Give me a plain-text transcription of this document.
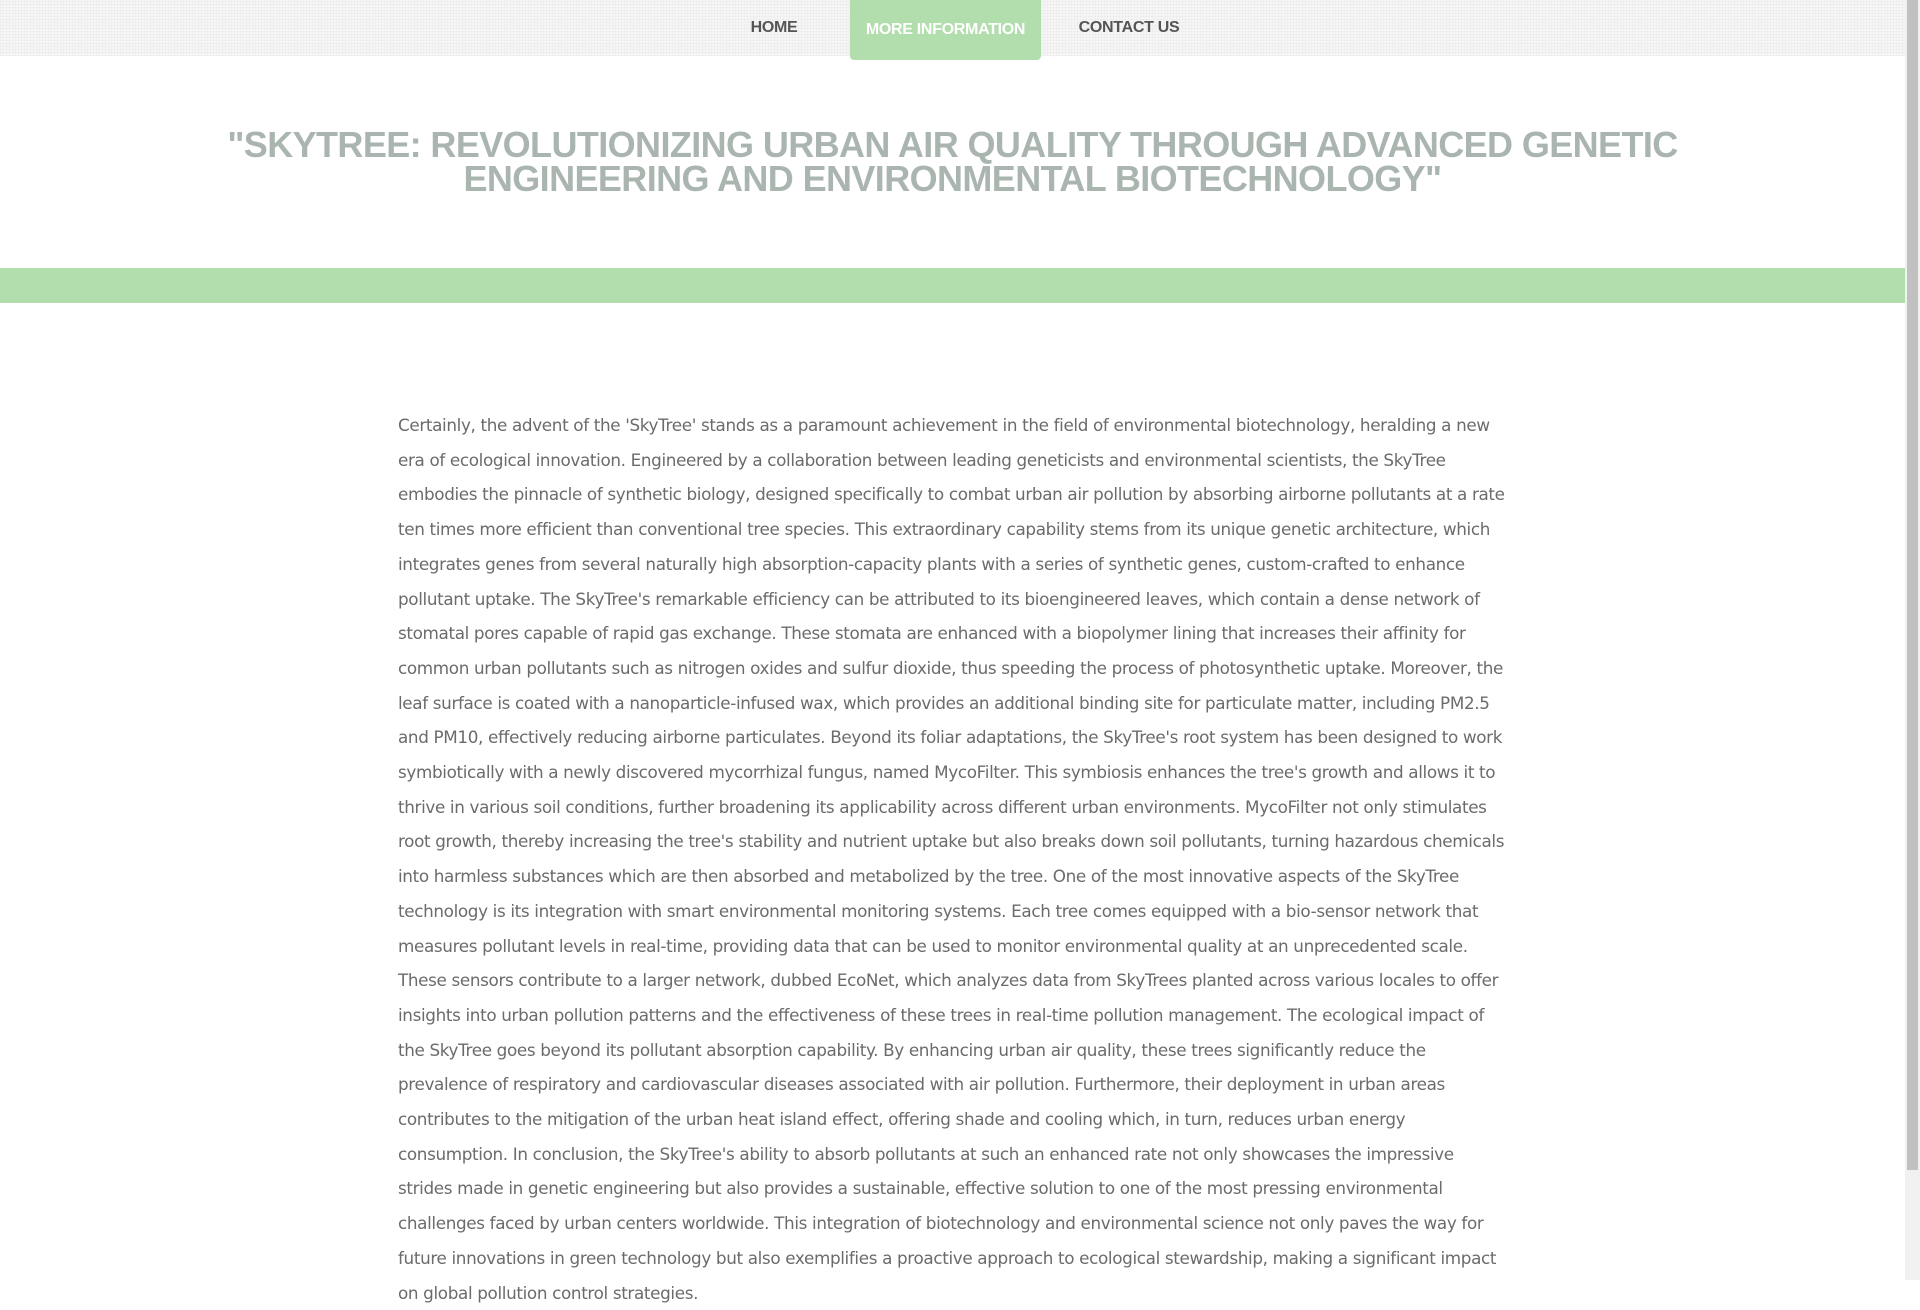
HOME	MORE INFORMATION	CONTACT US
"SKYTREE: REVOLUTIONIZING URBAN AIR QUALITY THROUGH ADVANCED GENETIC ENGINEERING AND ENVIRONMENTAL BIOTECHNOLOGY"

Certainly, the advent of the 'SkyTree' stands as a paramount achievement in the field of environmental biotechnology, heralding a new era of ecological innovation. Engineered by a collaboration between leading geneticists and environmental scientists, the SkyTree embodies the pinnacle of synthetic biology, designed specifically to combat urban air pollution by absorbing airborne pollutants at a rate ten times more efficient than conventional tree species. This extraordinary capability stems from its unique genetic architecture, which integrates genes from several naturally high absorption-capacity plants with a series of synthetic genes, custom-crafted to enhance pollutant uptake. The SkyTree's remarkable efficiency can be attributed to its bioengineered leaves, which contain a dense network of stomatal pores capable of rapid gas exchange. These stomata are enhanced with a biopolymer lining that increases their affinity for common urban pollutants such as nitrogen oxides and sulfur dioxide, thus speeding the process of photosynthetic uptake. Moreover, the leaf surface is coated with a nanoparticle-infused wax, which provides an additional binding site for particulate matter, including PM2.5 and PM10, effectively reducing airborne particulates. Beyond its foliar adaptations, the SkyTree's root system has been designed to work symbiotically with a newly discovered mycorrhizal fungus, named MycoFilter. This symbiosis enhances the tree's growth and allows it to thrive in various soil conditions, further broadening its applicability across different urban environments. MycoFilter not only stimulates root growth, thereby increasing the tree's stability and nutrient uptake but also breaks down soil pollutants, turning hazardous chemicals into harmless substances which are then absorbed and metabolized by the tree. One of the most innovative aspects of the SkyTree technology is its integration with smart environmental monitoring systems. Each tree comes equipped with a bio-sensor network that measures pollutant levels in real-time, providing data that can be used to monitor environmental quality at an unprecedented scale. These sensors contribute to a larger network, dubbed EcoNet, which analyzes data from SkyTrees planted across various locales to offer insights into urban pollution patterns and the effectiveness of these trees in real-time pollution management. The ecological impact of the SkyTree goes beyond its pollutant absorption capability. By enhancing urban air quality, these trees significantly reduce the prevalence of respiratory and cardiovascular diseases associated with air pollution. Furthermore, their deployment in urban areas contributes to the mitigation of the urban heat island effect, offering shade and cooling which, in turn, reduces urban energy consumption. In conclusion, the SkyTree's ability to absorb pollutants at such an enhanced rate not only showcases the impressive strides made in genetic engineering but also provides a sustainable, effective solution to one of the most pressing environmental challenges faced by urban centers worldwide. This integration of biotechnology and environmental science not only paves the way for future innovations in green technology but also exemplifies a proactive approach to ecological stewardship, making a significant impact on global pollution control strategies.
